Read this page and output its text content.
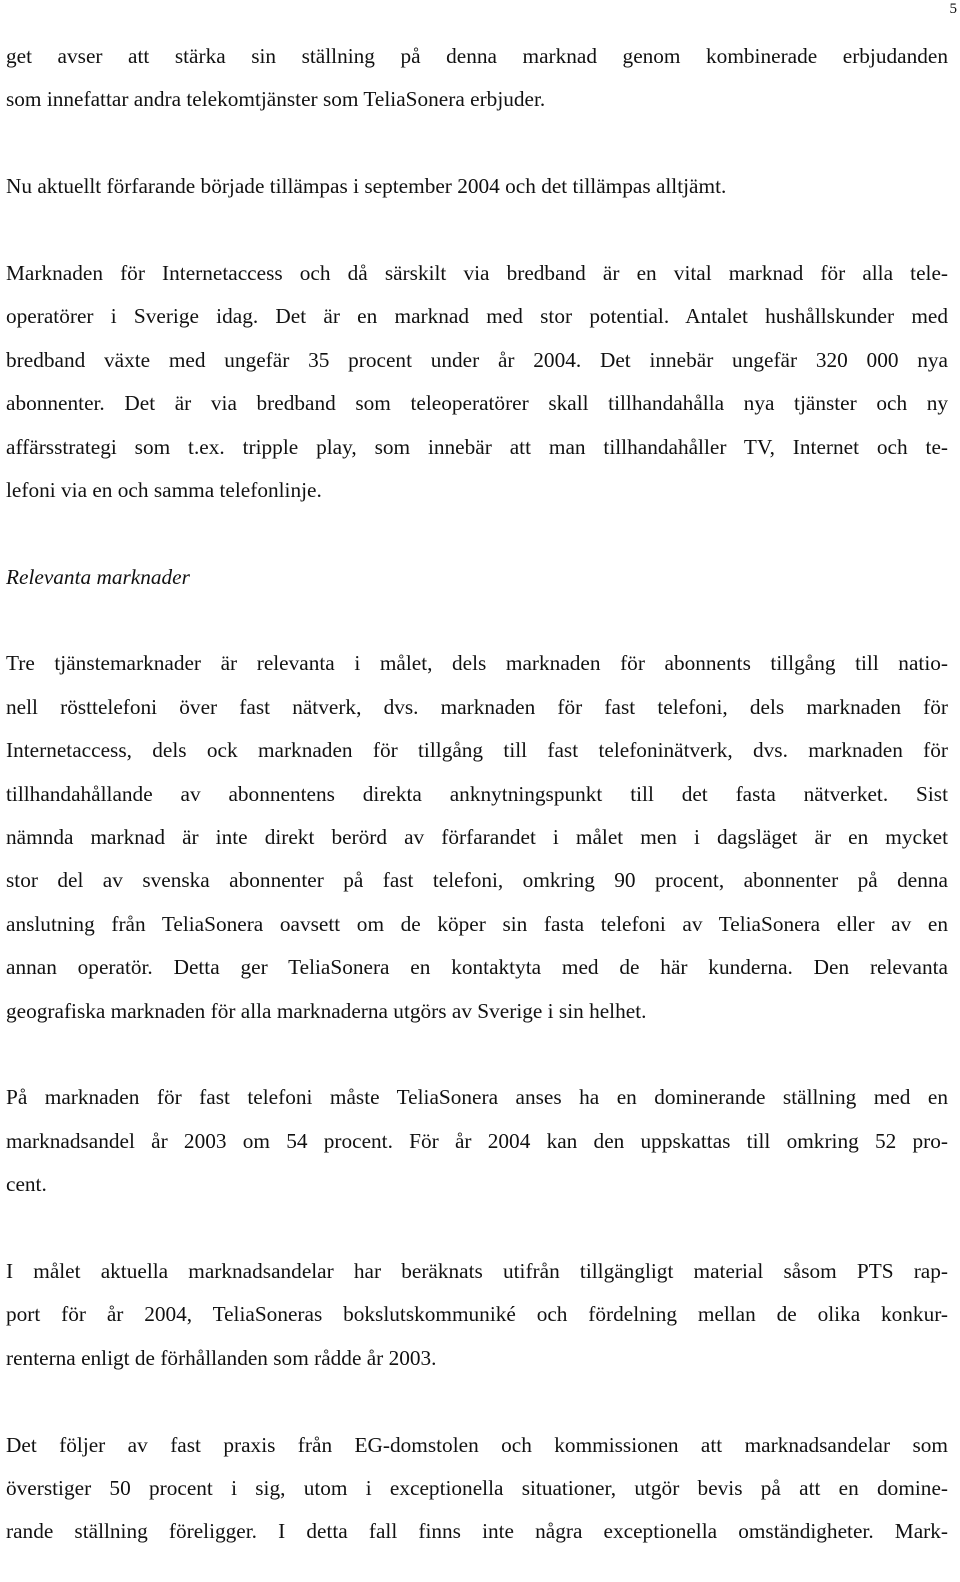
5
get avser att stärka sin ställning på denna marknad genom kombinerade erbjudanden
som innefattar andra telekomtjänster som TeliaSonera erbjuder.
Nu aktuellt förfarande började tillämpas i september 2004 och det tillämpas alltjämt.
Marknaden för Internetaccess och då särskilt via bredband är en vital marknad för alla tele-
operatörer i Sverige idag. Det är en marknad med stor potential. Antalet hushållskunder med
bredband växte med ungefär 35 procent under år 2004. Det innebär ungefär 320 000 nya
abonnenter. Det är via bredband som teleoperatörer skall tillhandahålla nya tjänster och ny
affärsstrategi som t.ex. tripple play, som innebär att man tillhandahåller TV, Internet och te-
lefoni via en och samma telefonlinje.
Relevanta marknader
Tre tjänstemarknader är relevanta i målet, dels marknaden för abonnents tillgång till natio-
nell rösttelefoni över fast nätverk, dvs. marknaden för fast telefoni, dels marknaden för
Internetaccess, dels ock marknaden för tillgång till fast telefoninätverk, dvs. marknaden för
tillhandahållande av abonnentens direkta anknytningspunkt till det fasta nätverket. Sist
nämnda marknad är inte direkt berörd av förfarandet i målet men i dagsläget är en mycket
stor del av svenska abonnenter på fast telefoni, omkring 90 procent, abonnenter på denna
anslutning från TeliaSonera oavsett om de köper sin fasta telefoni av TeliaSonera eller av en
annan operatör. Detta ger TeliaSonera en kontaktyta med de här kunderna. Den relevanta
geografiska marknaden för alla marknaderna utgörs av Sverige i sin helhet.
På marknaden för fast telefoni måste TeliaSonera anses ha en dominerande ställning med en
marknadsandel år 2003 om 54 procent. För år 2004 kan den uppskattas till omkring 52 pro-
cent.
I målet aktuella marknadsandelar har beräknats utifrån tillgängligt material såsom PTS rap-
port för år 2004, TeliaSoneras bokslutskommuniké och fördelning mellan de olika konkur-
renterna enligt de förhållanden som rådde år 2003.
Det följer av fast praxis från EG-domstolen och kommissionen att marknadsandelar som
överstiger 50 procent i sig, utom i exceptionella situationer, utgör bevis på att en domine-
rande ställning föreligger. I detta fall finns inte några exceptionella omständigheter. Mark-
